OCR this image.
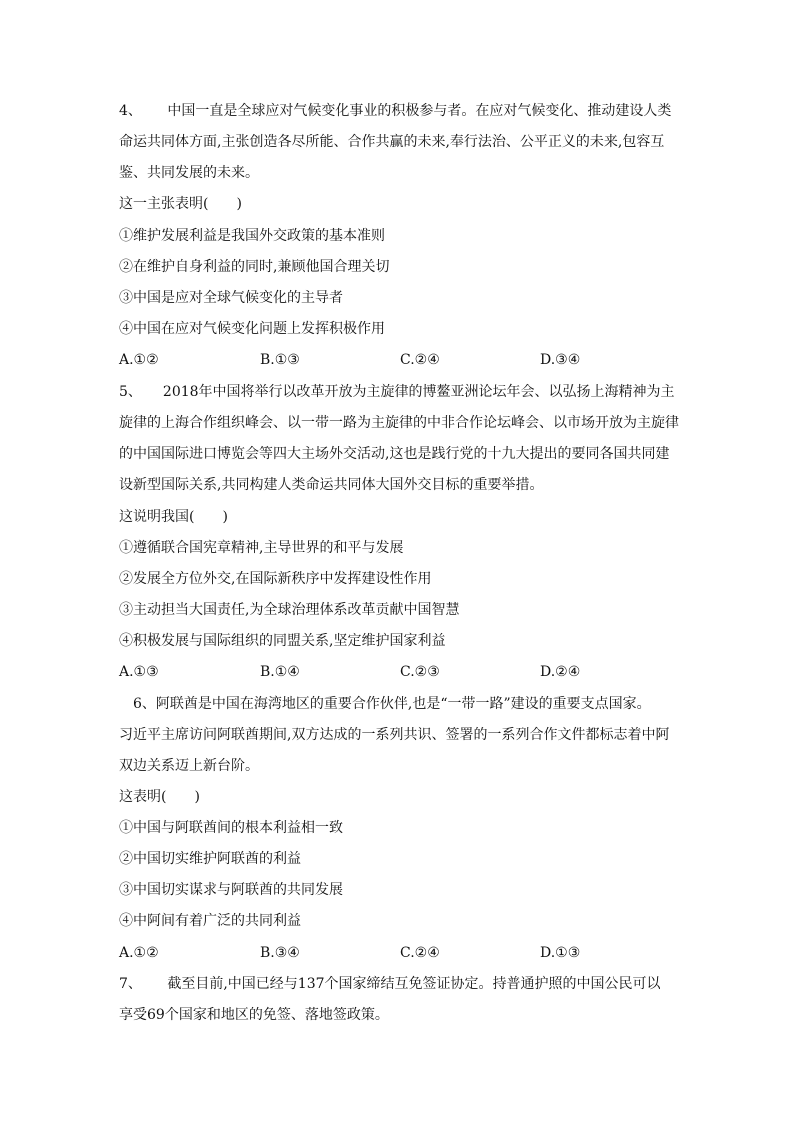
4、　　 中国一直是全球应对气候变化事业的积极参与者。在应对气候变化、推动建设人类
命运共同体方面,主张创造各尽所能、合作共赢的未来,奉行法治、公平正义的未来,包容互
鉴、共同发展的未来。
这一主张表明(　　)
①维护发展利益是我国外交政策的基本准则
②在维护自身利益的同时,兼顾他国合理关切
③中国是应对全球气候变化的主导者
④中国在应对气候变化问题上发挥积极作用
A.①②	B.①③	C.②④	D.③④
5、　　2018年中国将举行以改革开放为主旋律的博鳌亚洲论坛年会、以弘扬上海精神为主
旋律的上海合作组织峰会、以一带一路为主旋律的中非合作论坛峰会、以市场开放为主旋律
的中国国际进口博览会等四大主场外交活动,这也是践行党的十九大提出的要同各国共同建
设新型国际关系,共同构建人类命运共同体大国外交目标的重要举措。
这说明我国(　　)
①遵循联合国宪章精神,主导世界的和平与发展
②发展全方位外交,在国际新秩序中发挥建设性作用
③主动担当大国责任,为全球治理体系改革贡献中国智慧
④积极发展与国际组织的同盟关系,坚定维护国家利益
A.①③	B.①④	C.②③	D.②④
　6、阿联酋是中国在海湾地区的重要合作伙伴,也是“一带一路”建设的重要支点国家。
习近平主席访问阿联酋期间,双方达成的一系列共识、签署的一系列合作文件都标志着中阿
双边关系迈上新台阶。
这表明(　　)
①中国与阿联酋间的根本利益相一致
②中国切实维护阿联酋的利益
③中国切实谋求与阿联酋的共同发展
④中阿间有着广泛的共同利益
A.①②	B.③④	C.②④	D.①③
7、　　 截至目前,中国已经与137个国家缔结互免签证协定。持普通护照的中国公民可以
享受69个国家和地区的免签、落地签政策。
